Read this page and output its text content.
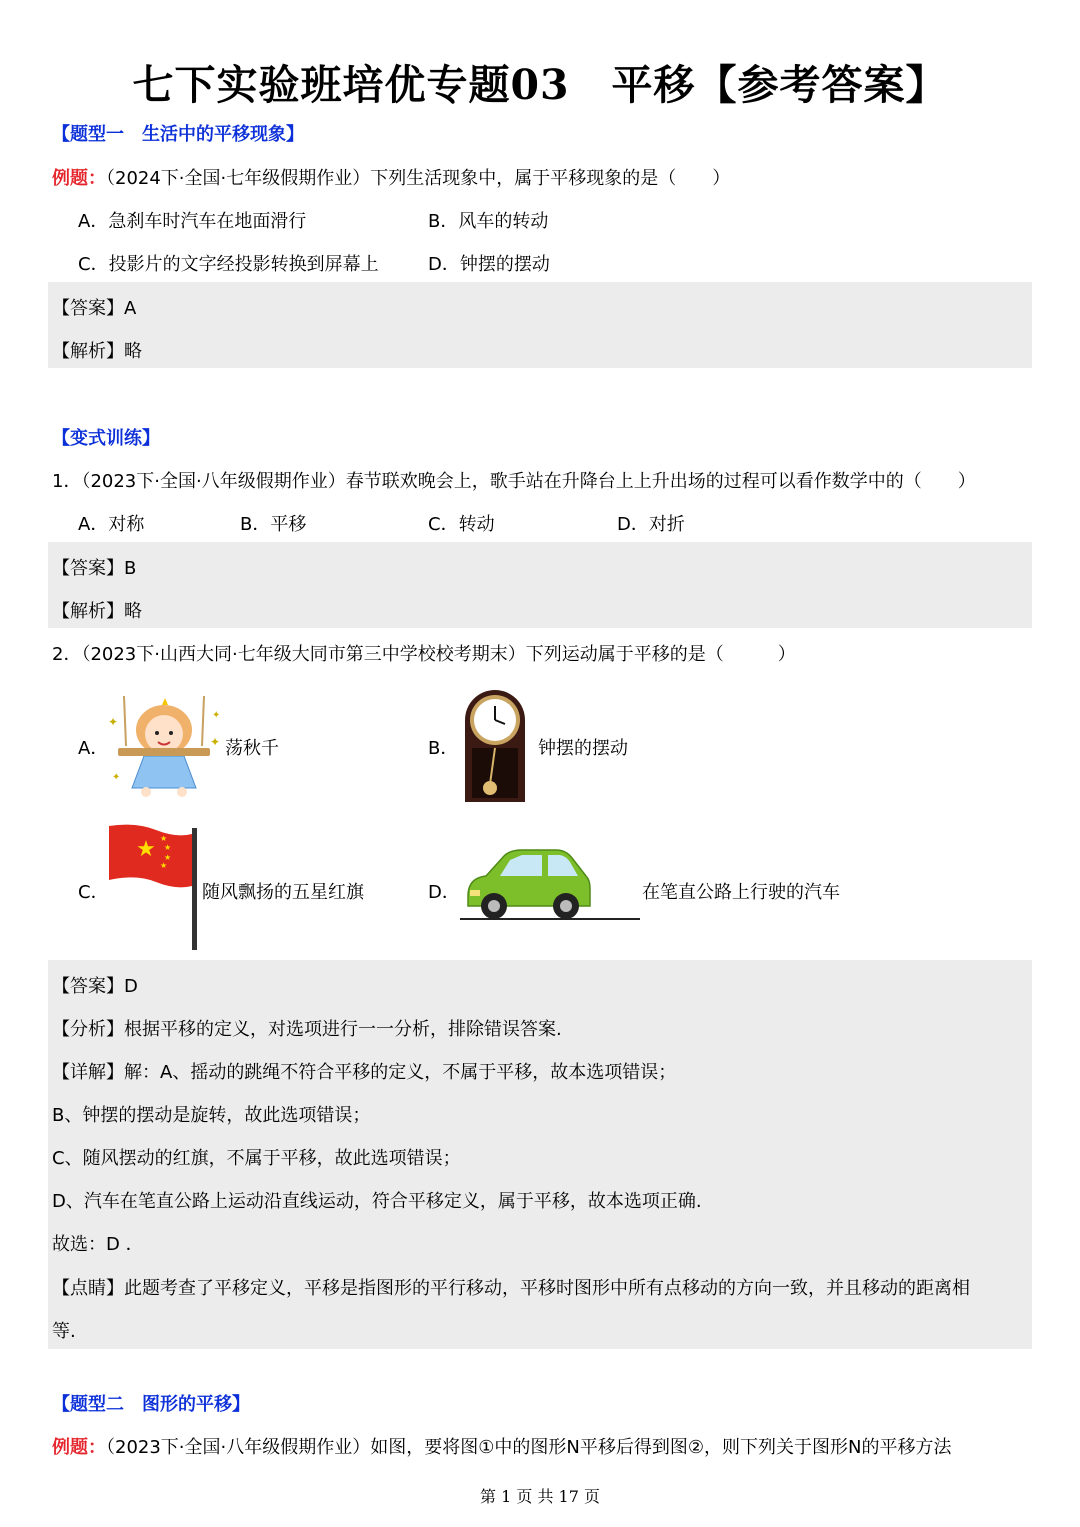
七下实验班培优专题03　平移【参考答案】
【题型一　生活中的平移现象】
例题：（2024下·全国·七年级假期作业）下列生活现象中，属于平移现象的是（　　）
A．急刹车时汽车在地面滑行	B．风车的转动
C．投影片的文字经投影转换到屏幕上	D．钟摆的摆动
【答案】A
【解析】略
【变式训练】
1．（2023下·全国·八年级假期作业）春节联欢晚会上，歌手站在升降台上上升出场的过程可以看作数学中的（　　）
A．对称	B．平移	C．转动	D．对折
【答案】B
【解析】略
2．（2023下·山西大同·七年级大同市第三中学校校考期末）下列运动属于平移的是（　　　）
A．
✦
✦
✦
✦
荡秋千	B．	钟摆的摆动
C．
★ ★
★
★
★
随风飘扬的五星红旗	D．	在笔直公路上行驶的汽车
【答案】D
【分析】根据平移的定义，对选项进行一一分析，排除错误答案.
【详解】解：A、摇动的跳绳不符合平移的定义，不属于平移，故本选项错误；
B、钟摆的摆动是旋转，故此选项错误；
C、随风摆动的红旗，不属于平移，故此选项错误；
D、汽车在笔直公路上运动沿直线运动，符合平移定义，属于平移，故本选项正确.
故选：D ．
【点睛】此题考查了平移定义，平移是指图形的平行移动，平移时图形中所有点移动的方向一致，并且移动的距离相
等.
【题型二　图形的平移】
例题：（2023下·全国·八年级假期作业）如图，要将图①中的图形N平移后得到图②，则下列关于图形N的平移方法
第 1 页 共 17 页
